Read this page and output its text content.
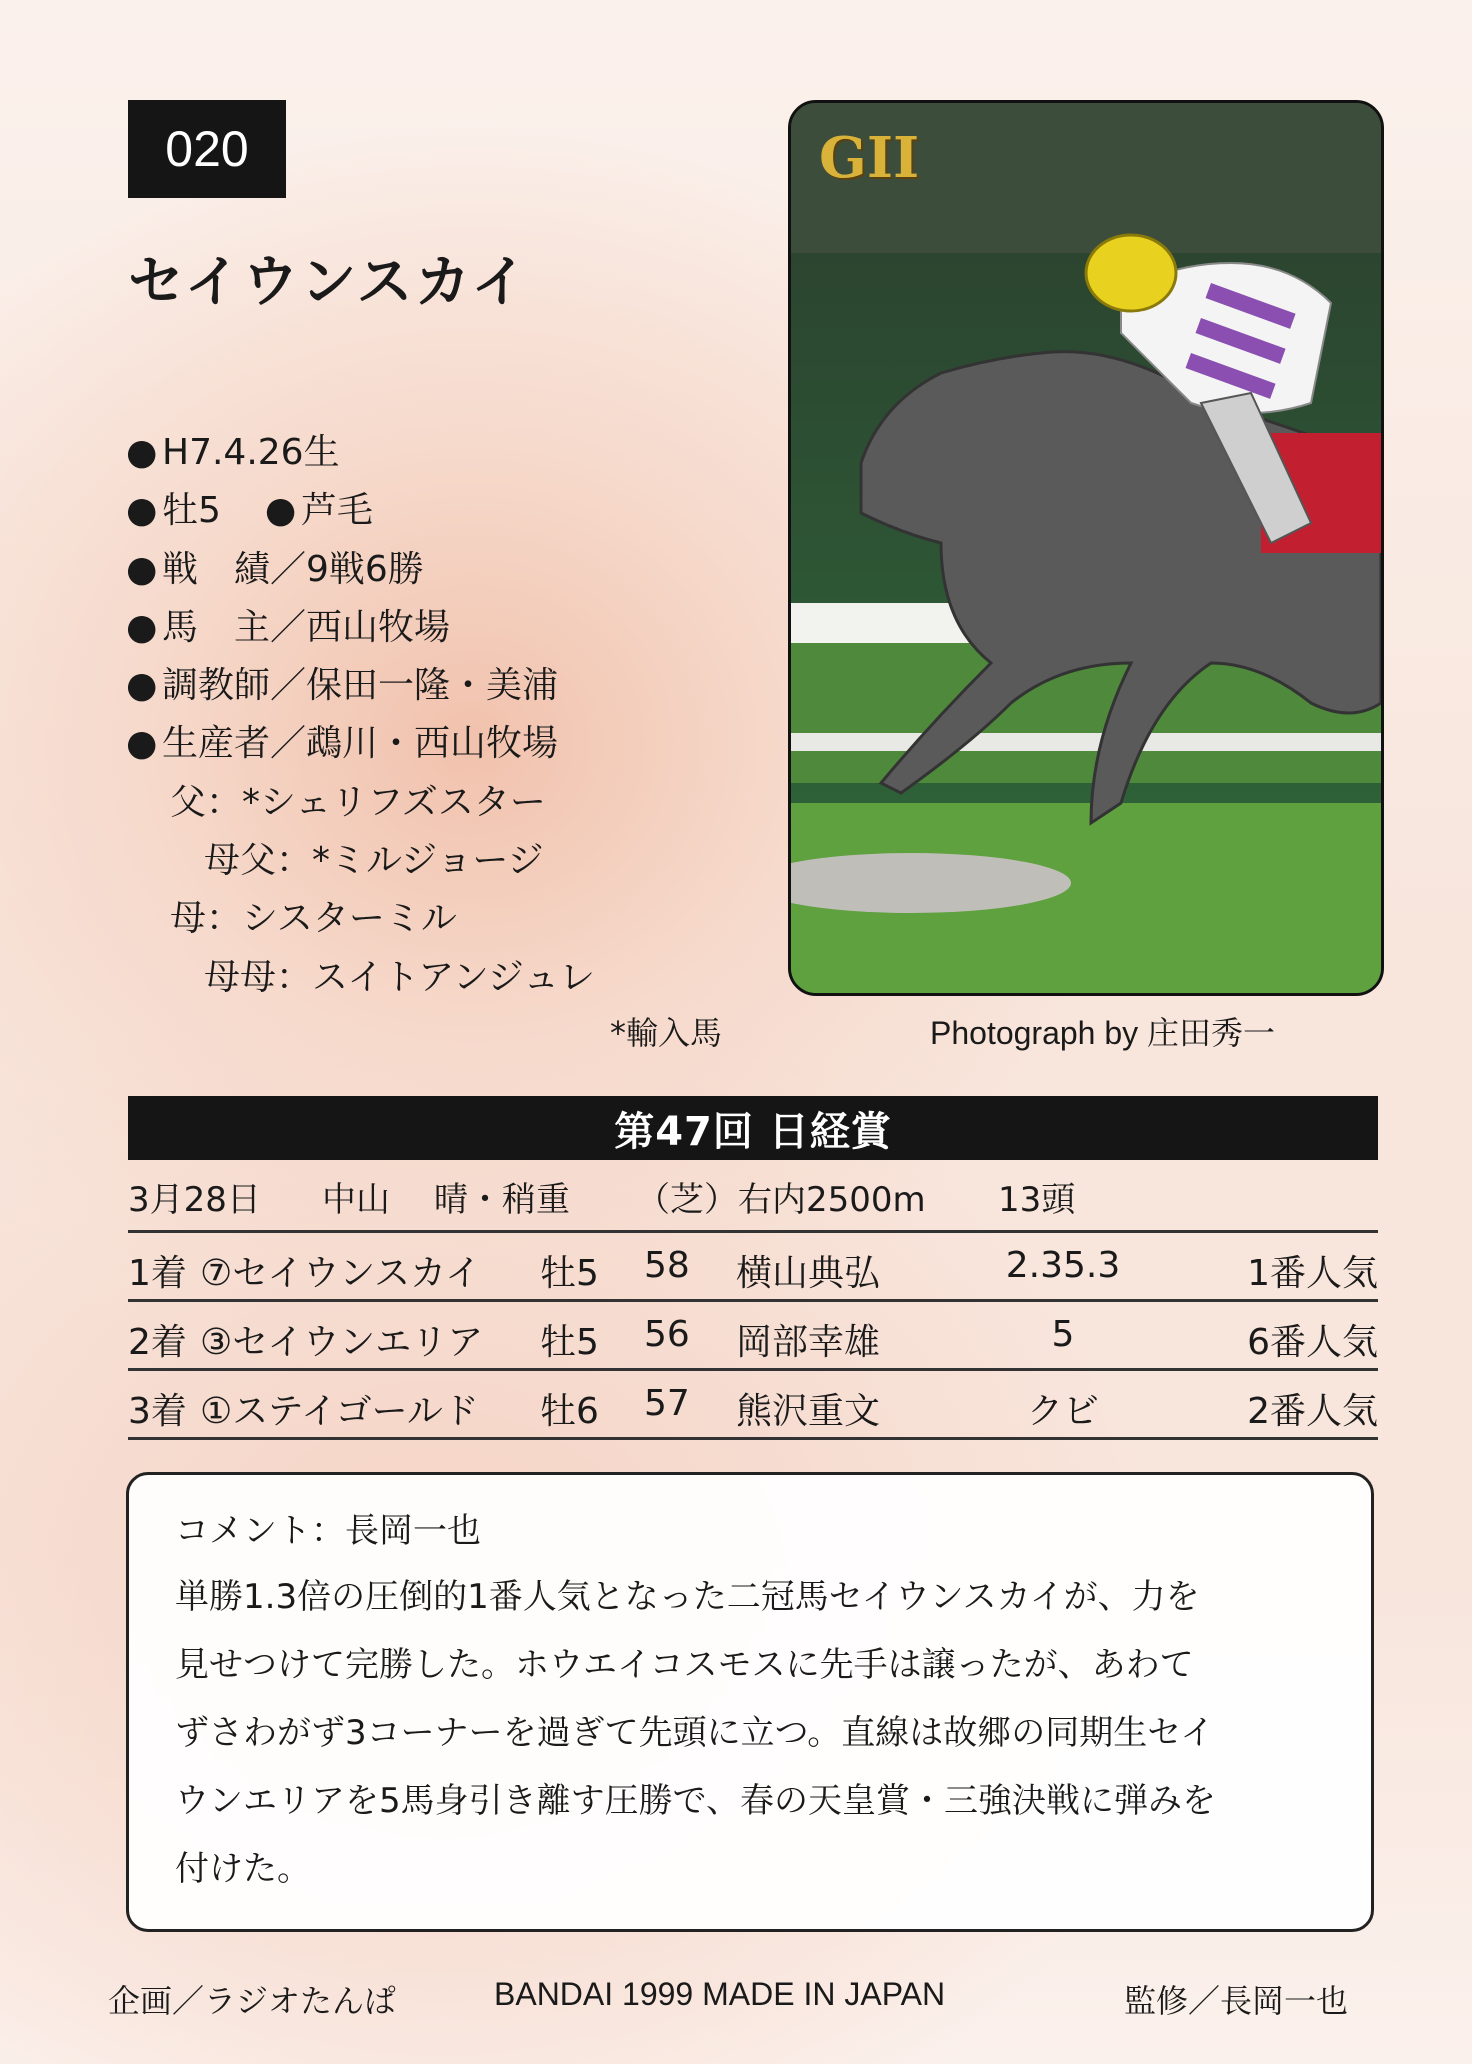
020
セイウンスカイ
● H7.4.26生
● 牡5 ● 芦毛
● 戦　績／9戦6勝
● 馬　主／西山牧場
● 調教師／保田一隆・美浦
● 生産者／鵡川・西山牧場
父：*シェリフズスター
母父：*ミルジョージ
母：シスターミル
母母：スイトアンジュレ
*輸入馬
GII
Photograph by 庄田秀一
第47回 日経賞
3月28日 中山 晴・稍重 （芝）右内2500m 13頭
1着 ⑦セイウンスカイ 牡5 58 横山典弘	2.35.3	1番人気
2着 ③セイウンエリア 牡5 56 岡部幸雄	5	6番人気
3着 ①ステイゴールド 牡6 57 熊沢重文	クビ	2番人気
コメント：長岡一也
単勝1.3倍の圧倒的1番人気となった二冠馬セイウンスカイが、力を
見せつけて完勝した。ホウエイコスモスに先手は譲ったが、あわて
ずさわがず3コーナーを過ぎて先頭に立つ。直線は故郷の同期生セイ
ウンエリアを5馬身引き離す圧勝で、春の天皇賞・三強決戦に弾みを
付けた。
企画／ラジオたんぱ	BANDAI 1999 MADE IN JAPAN	監修／長岡一也
